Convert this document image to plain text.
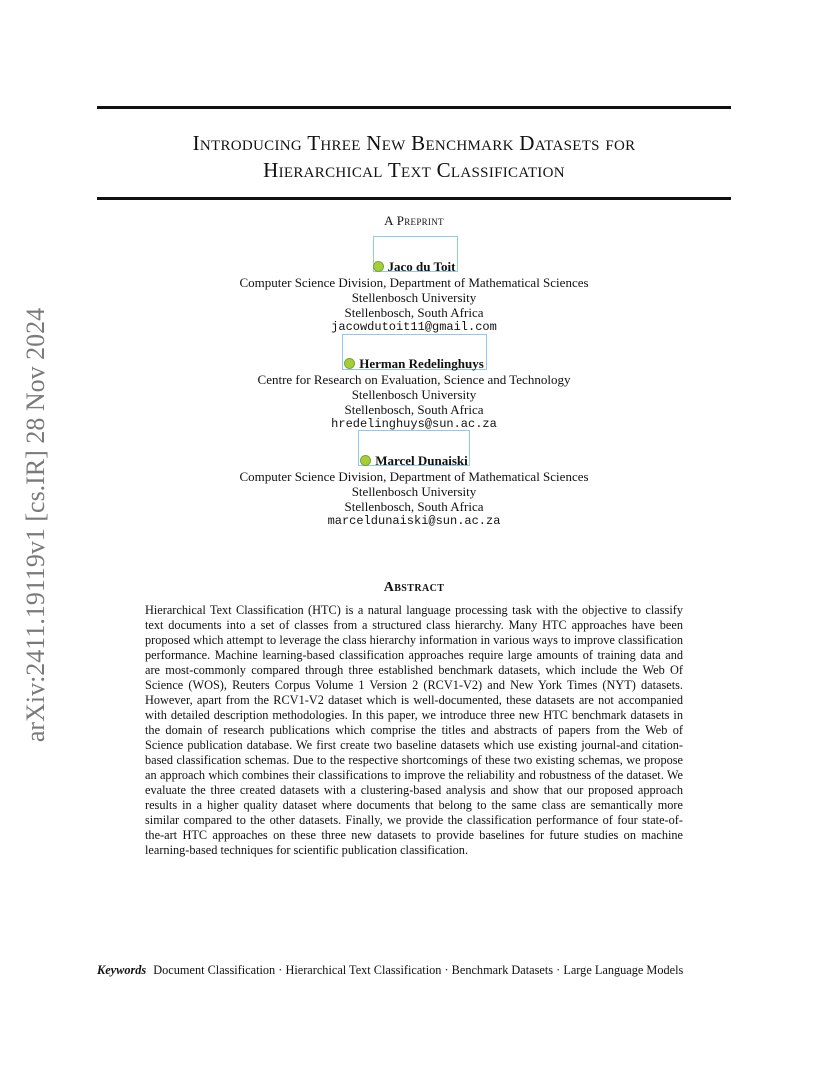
arXiv:2411.19119v1 [cs.IR] 28 Nov 2024
Introducing Three New Benchmark Datasets for
Hierarchical Text Classification
A Preprint
Jaco du Toit
Computer Science Division, Department of Mathematical Sciences
Stellenbosch University
Stellenbosch, South Africa
jacowdutoit11@gmail.com
Herman Redelinghuys
Centre for Research on Evaluation, Science and Technology
Stellenbosch University
Stellenbosch, South Africa
hredelinghuys@sun.ac.za
Marcel Dunaiski
Computer Science Division, Department of Mathematical Sciences
Stellenbosch University
Stellenbosch, South Africa
marceldunaiski@sun.ac.za
Abstract
Hierarchical Text Classification (HTC) is a natural language processing task with the objective to classify text documents into a set of classes from a structured class hierarchy. Many HTC approaches have been proposed which attempt to leverage the class hierarchy information in various ways to improve classification performance. Machine learning-based classification approaches require large amounts of training data and are most-commonly compared through three established benchmark datasets, which include the Web Of Science (WOS), Reuters Corpus Volume 1 Version 2 (RCV1-V2) and New York Times (NYT) datasets. However, apart from the RCV1-V2 dataset which is well-documented, these datasets are not accompanied with detailed description methodologies. In this paper, we introduce three new HTC benchmark datasets in the domain of research publications which comprise the titles and abstracts of papers from the Web of Science publication database. We first create two baseline datasets which use existing journal-and citation-based classification schemas. Due to the respective shortcomings of these two existing schemas, we propose an approach which combines their classifications to improve the reliability and robustness of the dataset. We evaluate the three created datasets with a clustering-based analysis and show that our proposed approach results in a higher quality dataset where documents that belong to the same class are semantically more similar compared to the other datasets. Finally, we provide the classification performance of four state-of-the-art HTC approaches on these three new datasets to provide baselines for future studies on machine learning-based techniques for scientific publication classification.
Keywords Document Classification · Hierarchical Text Classification · Benchmark Datasets · Large Language Models
